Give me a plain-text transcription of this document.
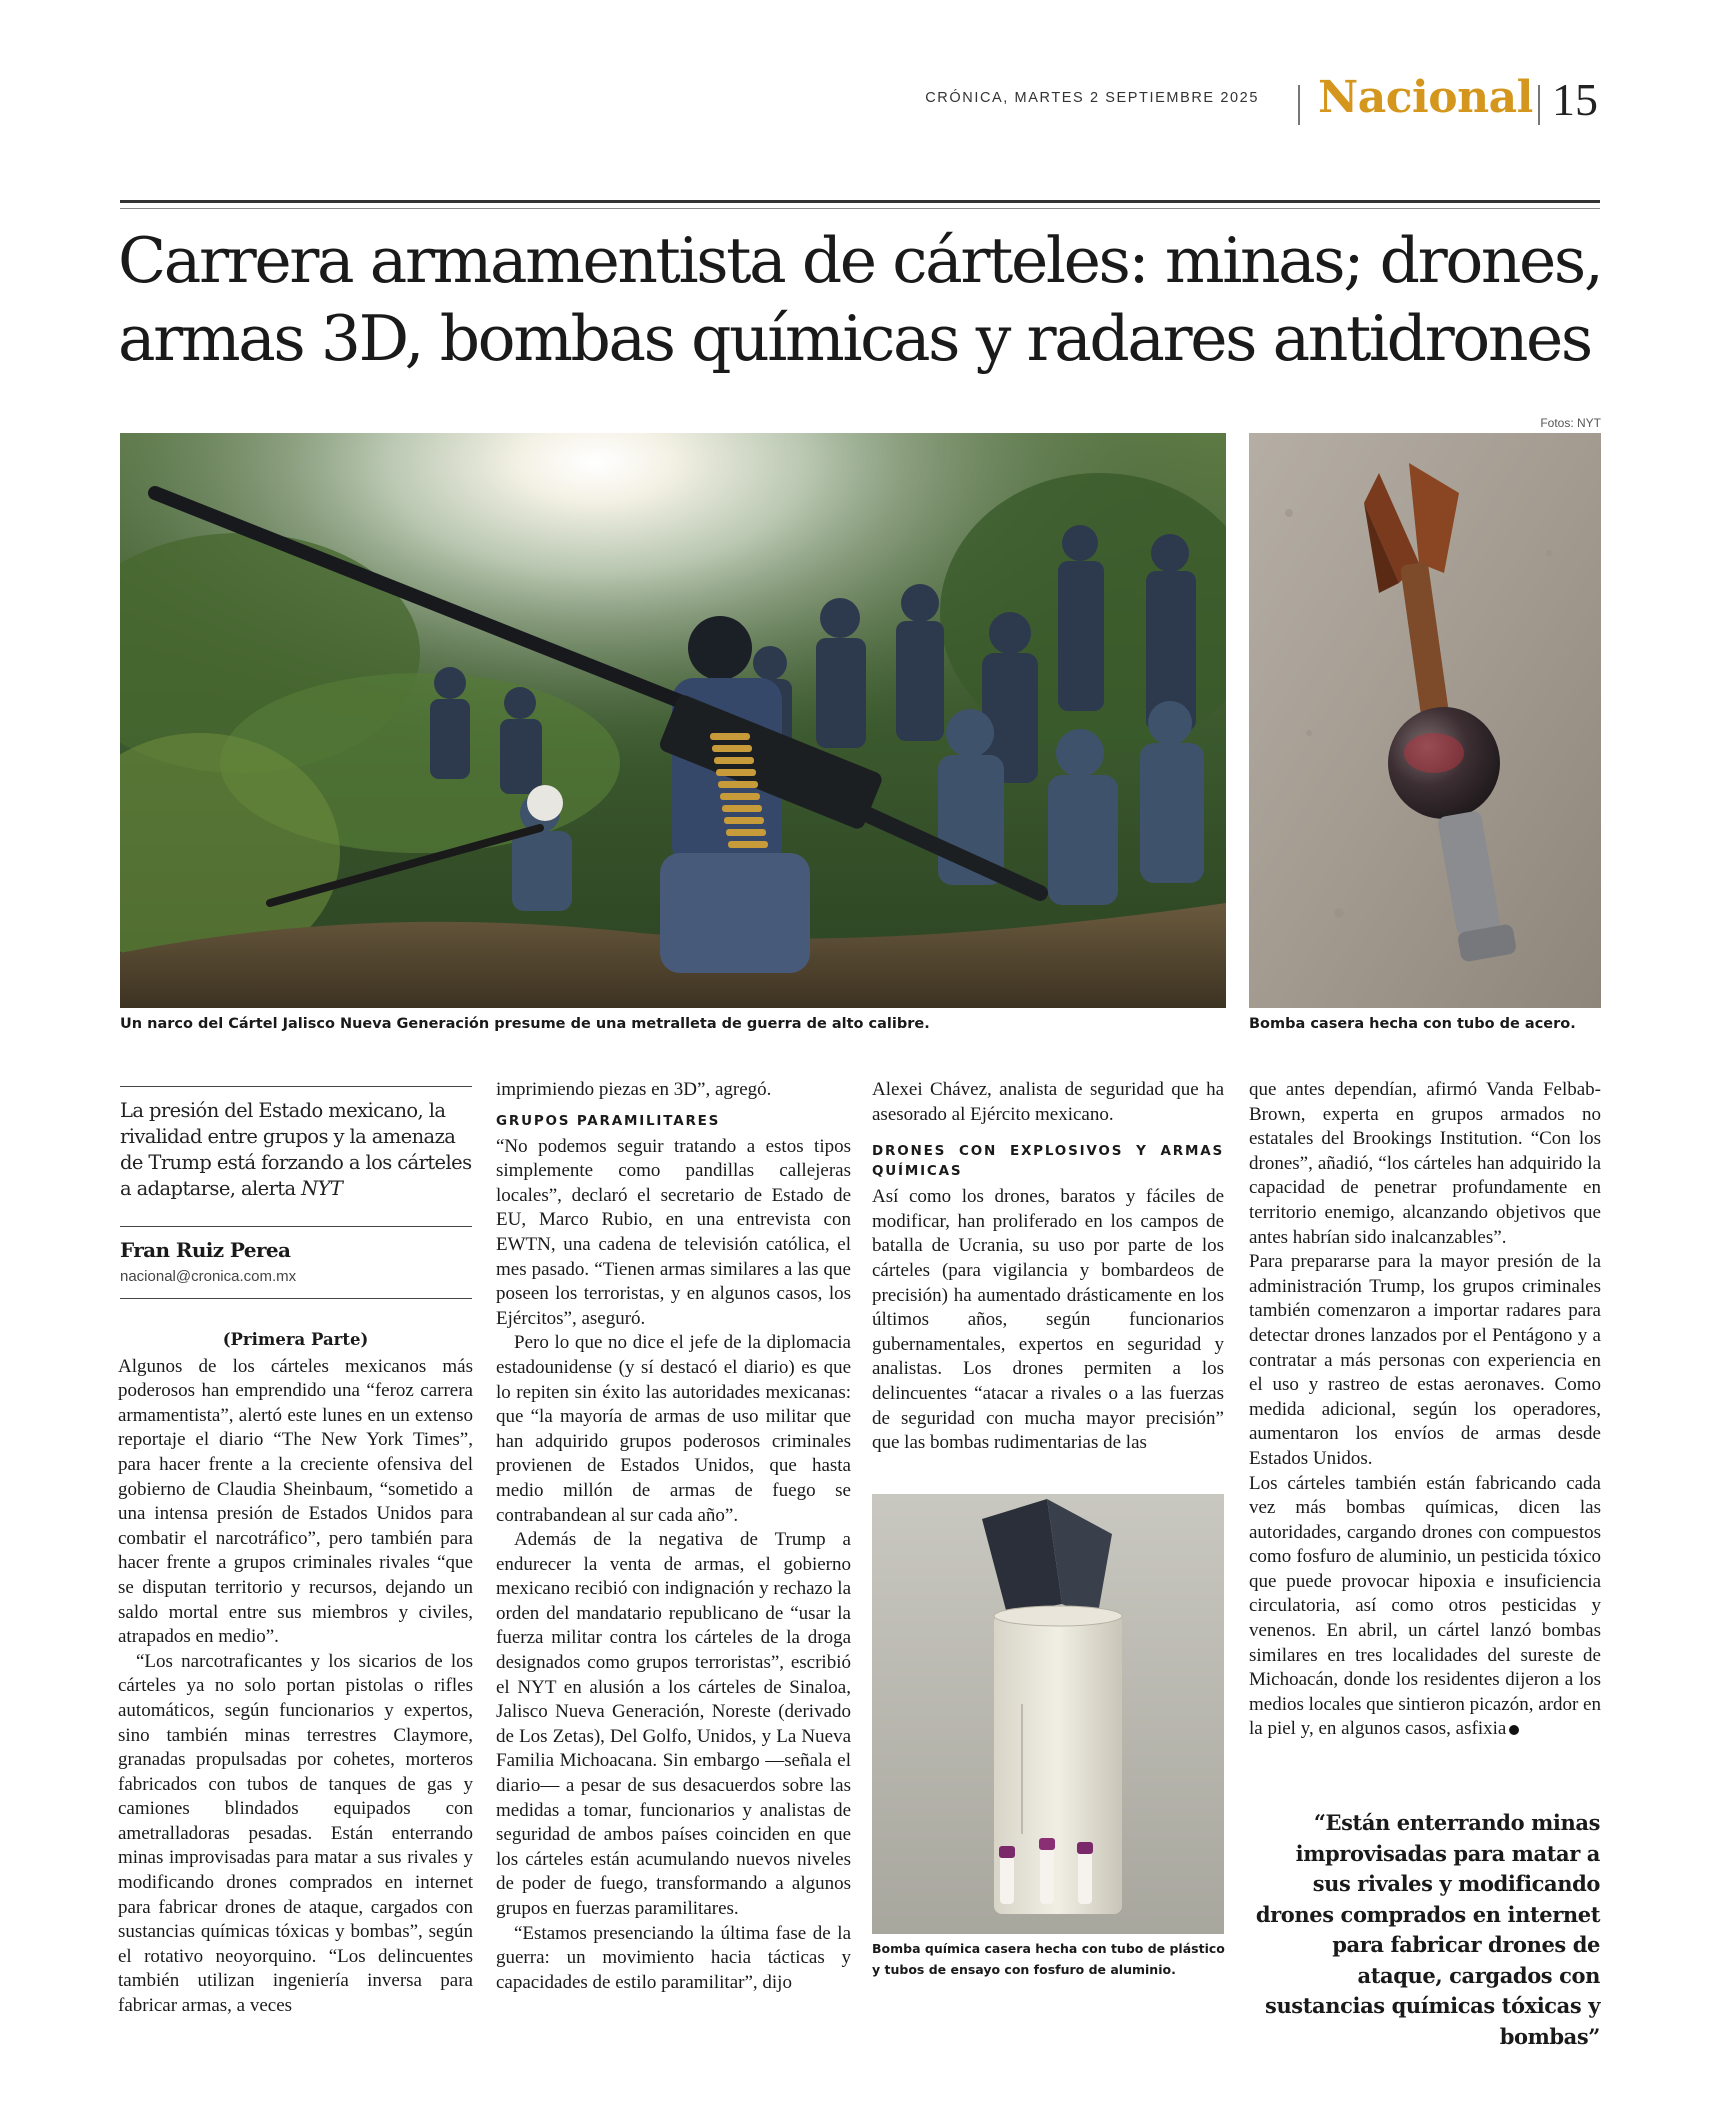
CRÓNICA, MARTES 2 SEPTIEMBRE 2025 Nacional 15
Carrera armamentista de cárteles: minas; drones, armas 3D, bombas químicas y radares antidrones
Fotos: NYT
Un narco del Cártel Jalisco Nueva Generación presume de una metralleta de guerra de alto calibre.	Bomba casera hecha con tubo de acero.
La presión del Estado mexicano, la rivalidad entre grupos y la amenaza de Trump está forzando a los cárteles a adaptarse, alerta NYT
Fran Ruiz Perea
nacional@cronica.com.mx
(Primera Parte)

Algunos de los cárteles mexicanos más poderosos han emprendido una “feroz carrera armamentista”, alertó este lunes en un extenso reportaje el diario “The New York Times”, para hacer frente a la creciente ofensiva del gobierno de Claudia Sheinbaum, “sometido a una intensa presión de Estados Unidos para combatir el narcotráfico”, pero también para hacer frente a grupos criminales rivales “que se disputan territorio y recursos, dejando un saldo mortal entre sus miembros y civiles, atrapados en medio”.

“Los narcotraficantes y los sicarios de los cárteles ya no solo portan pistolas o rifles automáticos, según funcionarios y expertos, sino también minas terrestres Claymore, granadas propulsadas por cohetes, morteros fabricados con tubos de tanques de gas y camiones blindados equipados con ametralladoras pesadas. Están enterrando minas improvisadas para matar a sus rivales y modificando drones comprados en internet para fabricar drones de ataque, cargados con sustancias químicas tóxicas y bombas”, según el rotativo neoyorquino. “Los delincuentes también utilizan ingeniería inversa para fabricar armas, a veces

imprimiendo piezas en 3D”, agregó.

GRUPOS PARAMILITARES

“No podemos seguir tratando a estos tipos simplemente como pandillas callejeras locales”, declaró el secretario de Estado de EU, Marco Rubio, en una entrevista con EWTN, una cadena de televisión católica, el mes pasado. “Tienen armas similares a las que poseen los terroristas, y en algunos casos, los Ejércitos”, aseguró.

Pero lo que no dice el jefe de la diplomacia estadounidense (y sí destacó el diario) es que lo repiten sin éxito las autoridades mexicanas: que “la mayoría de armas de uso militar que han adquirido grupos poderosos criminales provienen de Estados Unidos, que hasta medio millón de armas de fuego se contrabandean al sur cada año”.

Además de la negativa de Trump a endurecer la venta de armas, el gobierno mexicano recibió con indignación y rechazo la orden del mandatario republicano de “usar la fuerza militar contra los cárteles de la droga designados como grupos terroristas”, escribió el NYT en alusión a los cárteles de Sinaloa, Jalisco Nueva Generación, Noreste (derivado de Los Zetas), Del Golfo, Unidos, y La Nueva Familia Michoacana. Sin embargo —señala el diario— a pesar de sus desacuerdos sobre las medidas a tomar, funcionarios y analistas de seguridad de ambos países coinciden en que los cárteles están acumulando nuevos niveles de poder de fuego, transformando a algunos grupos en fuerzas paramilitares.

“Estamos presenciando la última fase de la guerra: un movimiento hacia tácticas y capacidades de estilo paramilitar”, dijo

Alexei Chávez, analista de seguridad que ha asesorado al Ejército mexicano.

DRONES CON EXPLOSIVOS Y ARMAS QUÍMICAS

Así como los drones, baratos y fáciles de modificar, han proliferado en los campos de batalla de Ucrania, su uso por parte de los cárteles (para vigilancia y bombardeos de precisión) ha aumentado drásticamente en los últimos años, según funcionarios gubernamentales, expertos en seguridad y analistas. Los drones permiten a los delincuentes “atacar a rivales o a las fuerzas de seguridad con mucha mayor precisión” que las bombas rudimentarias de las

Bomba química casera hecha con tubo de plástico y tubos de ensayo con fosfuro de aluminio.

que antes dependían, afirmó Vanda Felbab-Brown, experta en grupos armados no estatales del Brookings Institution. “Con los drones”, añadió, “los cárteles han adquirido la capacidad de penetrar profundamente en territorio enemigo, alcanzando objetivos que antes habrían sido inalcanzables”.

Para prepararse para la mayor presión de la administración Trump, los grupos criminales también comenzaron a importar radares para detectar drones lanzados por el Pentágono y a contratar a más personas con experiencia en el uso y rastreo de estas aeronaves. Como medida adicional, según los operadores, aumentaron los envíos de armas desde Estados Unidos.

Los cárteles también están fabricando cada vez más bombas químicas, dicen las autoridades, cargando drones con compuestos como fosfuro de aluminio, un pesticida tóxico que puede provocar hipoxia e insuficiencia circulatoria, así como otros pesticidas y venenos. En abril, un cártel lanzó bombas similares en tres localidades del sureste de Michoacán, donde los residentes dijeron a los medios locales que sintieron picazón, ardor en la piel y, en algunos casos, asfixia

“Están enterrando minas improvisadas para matar a sus rivales y modificando drones comprados en internet para fabricar drones de ataque, cargados con sustancias químicas tóxicas y bombas”
